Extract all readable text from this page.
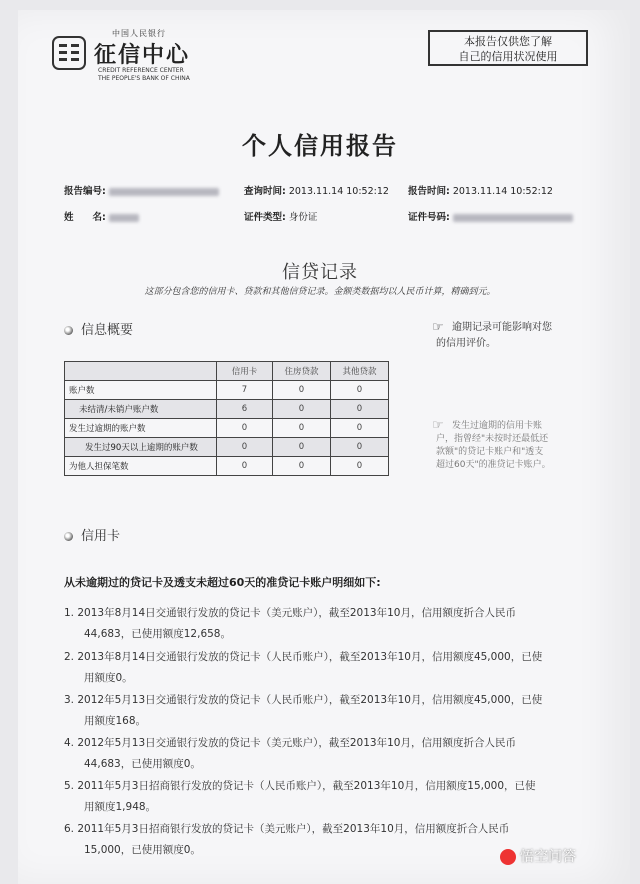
中国人民银行
征信中心
CREDIT REFERENCE CENTER
THE PEOPLE'S BANK OF CHINA
本报告仅供您了解
自己的信用状况使用
个人信用报告
报告编号:	查询时间: 2013.11.14 10:52:12 报告时间: 2013.11.14 10:52:12
姓　　名:	证件类型: 身份证	证件号码:
信贷记录
这部分包含您的信用卡、贷款和其他信贷记录。金额类数据均以人民币计算，精确到元。
信息概要
	信用卡	住房贷款	其他贷款
账户数	7	0	0
未结清/未销户账户数	6	0	0
发生过逾期的账户数	0	0	0
发生过90天以上逾期的账户数	0	0	0
为他人担保笔数	0	0	0
☞ 逾期记录可能影响对您
的信用评价。
☞ 发生过逾期的信用卡账
户，指曾经"未按时还最低还
款额"的贷记卡账户和"透支
超过60天"的准贷记卡账户。
信用卡
从未逾期过的贷记卡及透支未超过60天的准贷记卡账户明细如下:
1. 2013年8月14日交通银行发放的贷记卡（美元账户），截至2013年10月，信用额度折合人民币
44,683，已使用额度12,658。
2. 2013年8月14日交通银行发放的贷记卡（人民币账户），截至2013年10月，信用额度45,000，已使
用额度0。
3. 2012年5月13日交通银行发放的贷记卡（人民币账户），截至2013年10月，信用额度45,000，已使
用额度168。
4. 2012年5月13日交通银行发放的贷记卡（美元账户），截至2013年10月，信用额度折合人民币
44,683，已使用额度0。
5. 2011年5月3日招商银行发放的贷记卡（人民币账户），截至2013年10月，信用额度15,000，已使
用额度1,948。
6. 2011年5月3日招商银行发放的贷记卡（美元账户），截至2013年10月，信用额度折合人民币
15,000，已使用额度0。	悟空问答
